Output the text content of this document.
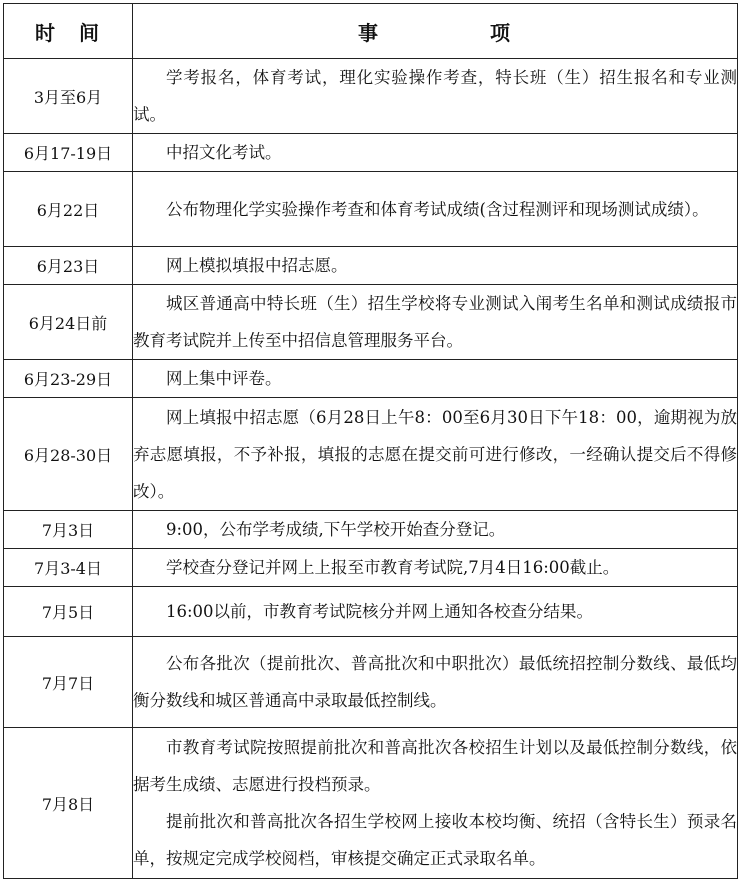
时 间	事 项
3月至6月	学考报名，体育考试，理化实验操作考查，特长班（生）招生报名和专业测试。

6月17-19日	中招文化考试。

6月22日	公布物理化学实验操作考查和体育考试成绩(含过程测评和现场测试成绩）。

6月23日	网上模拟填报中招志愿。

6月24日前	城区普通高中特长班（生）招生学校将专业测试入闱考生名单和测试成绩报市教育考试院并上传至中招信息管理服务平台。

6月23-29日	网上集中评卷。

6月28-30日	网上填报中招志愿（6月28日上午8：00至6月30日下午18：00，逾期视为放弃志愿填报，不予补报，填报的志愿在提交前可进行修改，一经确认提交后不得修改）。

7月3日	9:00，公布学考成绩,下午学校开始查分登记。

7月3-4日	学校查分登记并网上上报至市教育考试院,7月4日16:00截止。

7月5日	16:00以前，市教育考试院核分并网上通知各校查分结果。

7月7日	公布各批次（提前批次、普高批次和中职批次）最低统招控制分数线、最低均衡分数线和城区普通高中录取最低控制线。

7月8日	市教育考试院按照提前批次和普高批次各校招生计划以及最低控制分数线，依据考生成绩、志愿进行投档预录。

提前批次和普高批次各招生学校网上接收本校均衡、统招（含特长生）预录名单，按规定完成学校阅档，审核提交确定正式录取名单。
